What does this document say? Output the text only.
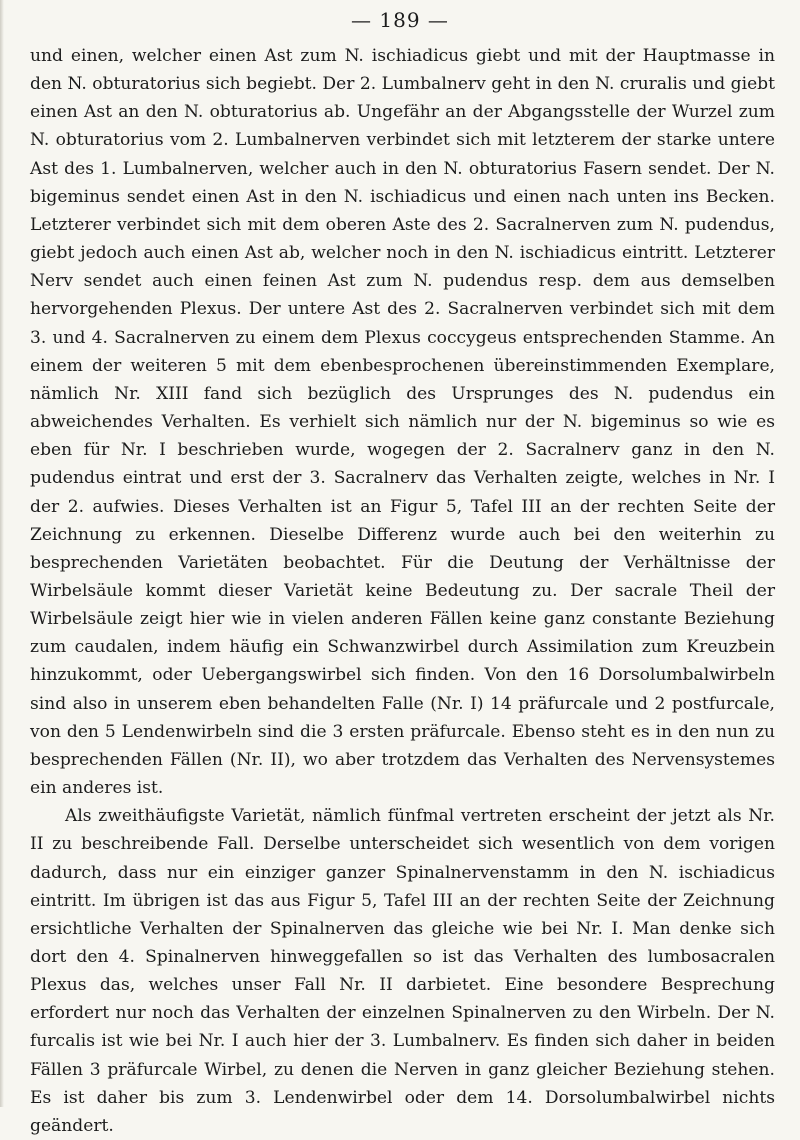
— 189 —

und einen, welcher einen Ast zum N. ischiadicus giebt und mit der Hauptmasse in den N. obturatorius sich begiebt. Der 2. Lumbalnerv geht in den N. cruralis und giebt einen Ast an den N. obturatorius ab. Ungefähr an der Abgangsstelle der Wurzel zum N. obturatorius vom 2. Lumbalnerven verbindet sich mit letzterem der starke untere Ast des 1. Lumbalnerven, welcher auch in den N. obturatorius Fasern sendet. Der N. bigeminus sendet einen Ast in den N. ischiadicus und einen nach unten ins Becken. Letzterer verbindet sich mit dem oberen Aste des 2. Sacralnerven zum N. pudendus, giebt jedoch auch einen Ast ab, welcher noch in den N. ischiadicus eintritt. Letzterer Nerv sendet auch einen feinen Ast zum N. pudendus resp. dem aus demselben hervorgehenden Plexus. Der untere Ast des 2. Sacralnerven verbindet sich mit dem 3. und 4. Sacralnerven zu einem dem Plexus coccygeus entsprechenden Stamme. An einem der weiteren 5 mit dem ebenbesprochenen übereinstimmenden Exemplare, nämlich Nr. XIII fand sich bezüglich des Ursprunges des N. pudendus ein abweichendes Verhalten. Es verhielt sich nämlich nur der N. bigeminus so wie es eben für Nr. I beschrieben wurde, wogegen der 2. Sacralnerv ganz in den N. pudendus eintrat und erst der 3. Sacralnerv das Verhalten zeigte, welches in Nr. I der 2. aufwies. Dieses Verhalten ist an Figur 5, Tafel III an der rechten Seite der Zeichnung zu erkennen. Dieselbe Differenz wurde auch bei den weiterhin zu besprechenden Varietäten beobachtet. Für die Deutung der Verhältnisse der Wirbelsäule kommt dieser Varietät keine Bedeutung zu. Der sacrale Theil der Wirbelsäule zeigt hier wie in vielen anderen Fällen keine ganz constante Beziehung zum caudalen, indem häufig ein Schwanzwirbel durch Assimilation zum Kreuzbein hinzukommt, oder Uebergangswirbel sich finden. Von den 16 Dorsolumbalwirbeln sind also in unserem eben behandelten Falle (Nr. I) 14 präfurcale und 2 postfurcale, von den 5 Lendenwirbeln sind die 3 ersten präfurcale. Ebenso steht es in den nun zu besprechenden Fällen (Nr. II), wo aber trotzdem das Verhalten des Nervensystemes ein anderes ist.

Als zweithäufigste Varietät, nämlich fünfmal vertreten erscheint der jetzt als Nr. II zu beschreibende Fall. Derselbe unterscheidet sich wesentlich von dem vorigen dadurch, dass nur ein einziger ganzer Spinalnervenstamm in den N. ischiadicus eintritt. Im übrigen ist das aus Figur 5, Tafel III an der rechten Seite der Zeichnung ersichtliche Verhalten der Spinalnerven das gleiche wie bei Nr. I. Man denke sich dort den 4. Spinalnerven hinweggefallen so ist das Verhalten des lumbosacralen Plexus das, welches unser Fall Nr. II darbietet. Eine besondere Besprechung erfordert nur noch das Verhalten der einzelnen Spinalnerven zu den Wirbeln. Der N. furcalis ist wie bei Nr. I auch hier der 3. Lumbalnerv. Es finden sich daher in beiden Fällen 3 präfurcale Wirbel, zu denen die Nerven in ganz gleicher Beziehung stehen. Es ist daher bis zum 3. Lendenwirbel oder dem 14. Dorsolumbalwirbel nichts geändert.
